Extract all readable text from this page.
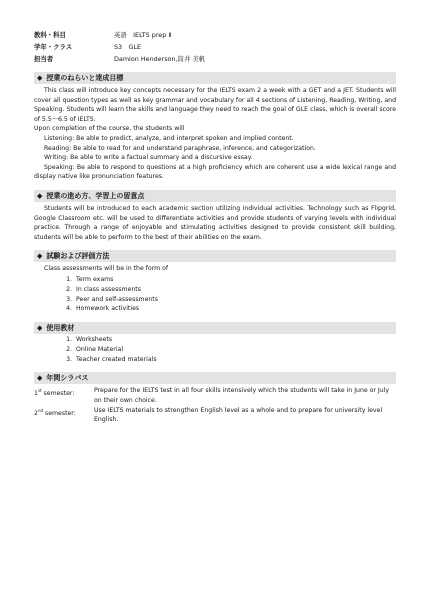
教科・科目	英語　IELTS prep Ⅱ
学年・クラス	S3　GLE
担当者	Damion Henderson,筒井 美帆
◆ 授業のねらいと達成目標

This class will introduce key concepts necessary for the IELTS exam 2 a week with a GET and a JET. Students will cover all question types as well as key grammar and vocabulary for all 4 sections of Listening, Reading, Writing, and Speaking. Students will learn the skills and language they need to reach the goal of GLE class, which is overall score of 5.5～6.5 of IELTS.

Upon completion of the course, the students will
Listening: Be able to predict, analyze, and interpret spoken and implied content.
Reading: Be able to read for and understand paraphrase, inference, and categorization.
Writing: Be able to write a factual summary and a discursive essay.
Speaking: Be able to respond to questions at a high proficiency which are coherent use a wide lexical range and display native like pronunciation features.
◆ 授業の進め方、学習上の留意点

Students will be introduced to each academic section utilizing individual activities. Technology such as Flipgrid, Google Classroom etc. will be used to differentiate activities and provide students of varying levels with individual practice. Through a range of enjoyable and stimulating activities designed to provide consistent skill building, students will be able to perform to the best of their abilities on the exam.

◆ 試験および評価方法
Class assessments will be in the form of
1. Term exams
2. In class assessments
3. Peer and self-assessments
4. Homework activities
◆ 使用教材
1. Worksheets
2. Online Material
3. Teacher created materials
◆ 年間シラバス
1st semester:	Prepare for the IELTS test in all four skills intensively which the students will take in June or July on their own choice.
2nd semester:	Use IELTS materials to strengthen English level as a whole and to prepare for university level English.
